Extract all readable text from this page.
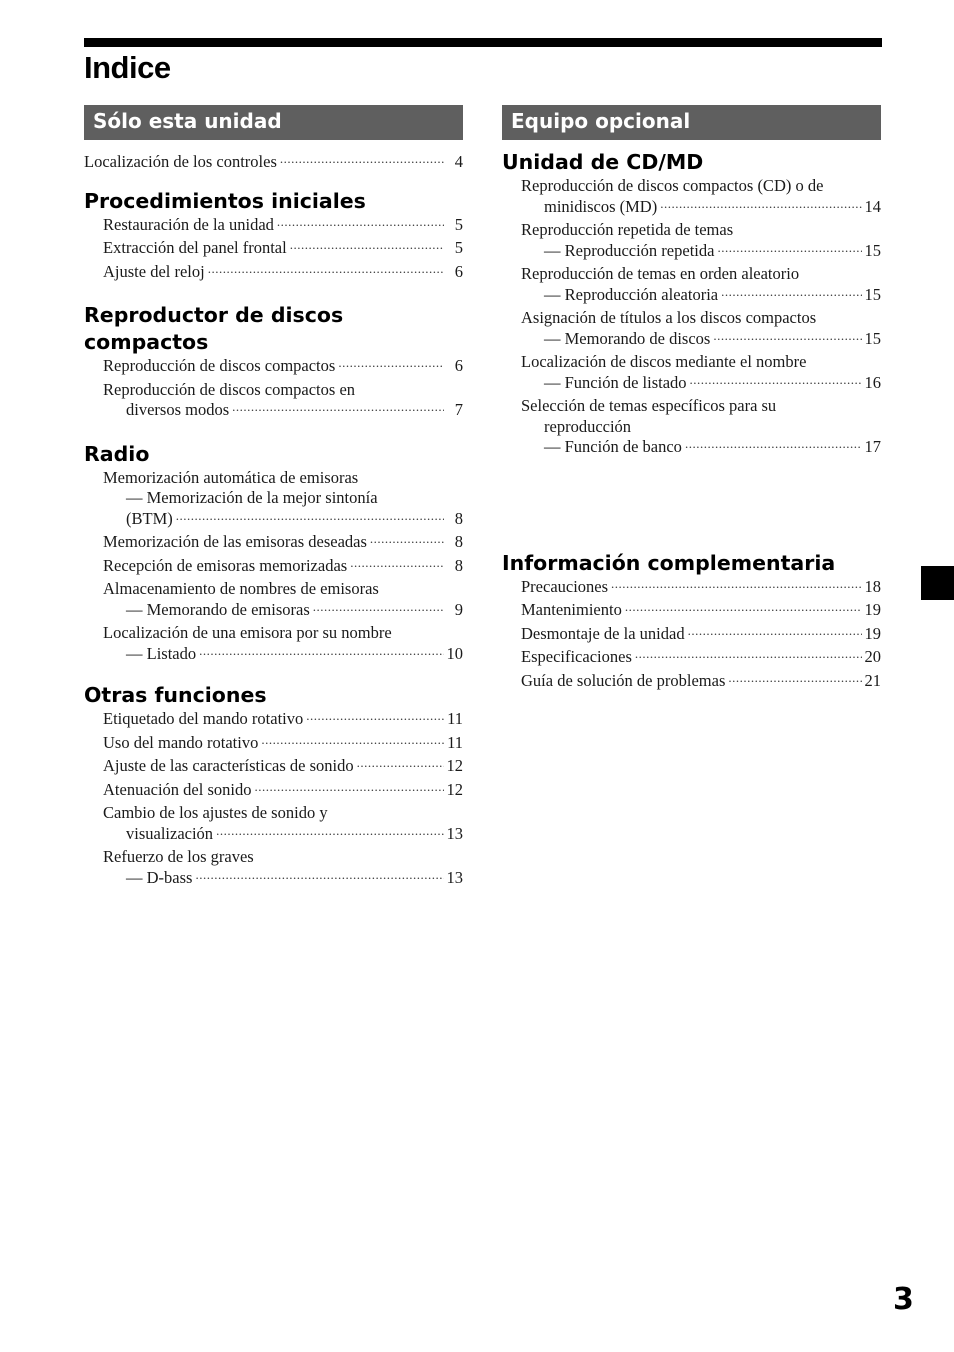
Indice
Sólo esta unidad
Localización de los controles .....	4
Procedimientos iniciales
Restauración de la unidad .....	5
Extracción del panel frontal .....	5
Ajuste del reloj .....	6
Reproductor de discos
compactos
Reproducción de discos compactos .....	6
Reproducción de discos compactos en
diversos modos .....	7
Radio
Memorización automática de emisoras
— Memorización de la mejor sintonía
(BTM) .....	8
Memorización de las emisoras deseadas .....	8
Recepción de emisoras memorizadas .....	8
Almacenamiento de nombres de emisoras
— Memorando de emisoras .....	9
Localización de una emisora por su nombre
— Listado .....	10
Otras funciones
Etiquetado del mando rotativo .....	11
Uso del mando rotativo .....	11
Ajuste de las características de sonido .....	12
Atenuación del sonido .....	12
Cambio de los ajustes de sonido y
visualización .....	13
Refuerzo de los graves
— D-bass .....	13
Equipo opcional
Unidad de CD/MD
Reproducción de discos compactos (CD) o de
minidiscos (MD) .....	14
Reproducción repetida de temas
— Reproducción repetida .....	15
Reproducción de temas en orden aleatorio
— Reproducción aleatoria .....	15
Asignación de títulos a los discos compactos
— Memorando de discos .....	15
Localización de discos mediante el nombre
— Función de listado .....	16
Selección de temas específicos para su
reproducción
— Función de banco .....	17
Información complementaria
Precauciones .....	18
Mantenimiento .....	19
Desmontaje de la unidad .....	19
Especificaciones .....	20
Guía de solución de problemas .....	21
3
